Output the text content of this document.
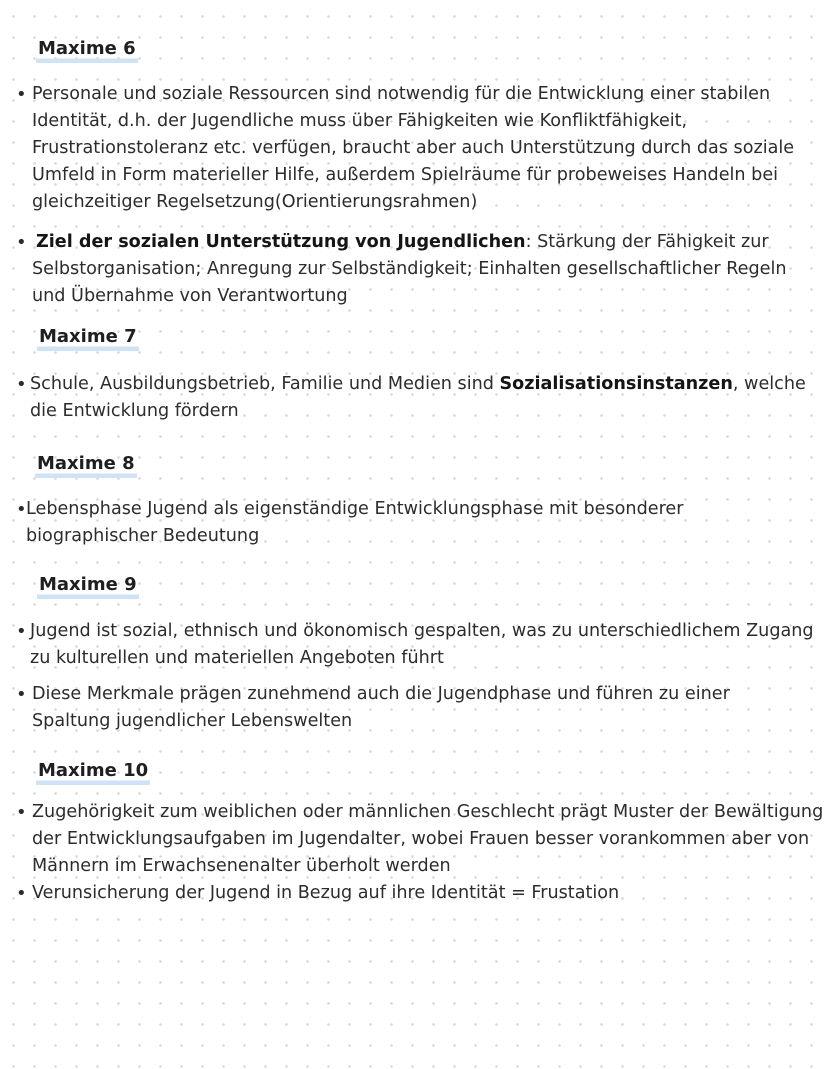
Maxime 6
• Personale und soziale Ressourcen sind notwendig für die Entwicklung einer stabilen
Identität, d.h. der Jugendliche muss über Fähigkeiten wie Konfliktfähigkeit,
Frustrationstoleranz etc. verfügen, braucht aber auch Unterstützung durch das soziale
Umfeld in Form materieller Hilfe, außerdem Spielräume für probeweises Handeln bei
gleichzeitiger Regelsetzung(Orientierungsrahmen)
• Ziel der sozialen Unterstützung von Jugendlichen: Stärkung der Fähigkeit zur
Selbstorganisation; Anregung zur Selbständigkeit; Einhalten gesellschaftlicher Regeln
und Übernahme von Verantwortung
Maxime 7
• Schule, Ausbildungsbetrieb, Familie und Medien sind Sozialisationsinstanzen, welche
die Entwicklung fördern
Maxime 8
• Lebensphase Jugend als eigenständige Entwicklungsphase mit besonderer
biographischer Bedeutung
Maxime 9
• Jugend ist sozial, ethnisch und ökonomisch gespalten, was zu unterschiedlichem Zugang
zu kulturellen und materiellen Angeboten führt
• Diese Merkmale prägen zunehmend auch die Jugendphase und führen zu einer
Spaltung jugendlicher Lebenswelten
Maxime 10
• Zugehörigkeit zum weiblichen oder männlichen Geschlecht prägt Muster der Bewältigung
der Entwicklungsaufgaben im Jugendalter, wobei Frauen besser vorankommen aber von
Männern im Erwachsenenalter überholt werden
• Verunsicherung der Jugend in Bezug auf ihre Identität = Frustation
